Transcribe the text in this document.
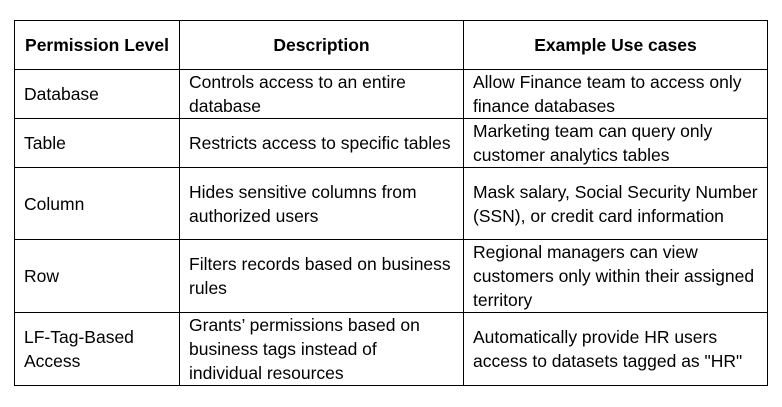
Permission Level	Description	Example Use cases

Database	Controls access to an entire database	Allow Finance team to access only finance databases

Table	Restricts access to specific tables	Marketing team can query only customer analytics tables

Column	Hides sensitive columns from authorized users	Mask salary, Social Security Number (SSN), or credit card information

Row	Filters records based on business rules	Regional managers can view customers only within their assigned territory

LF-Tag-Based Access	Grants’ permissions based on business tags instead of individual resources	Automatically provide HR users access to datasets tagged as "HR"
